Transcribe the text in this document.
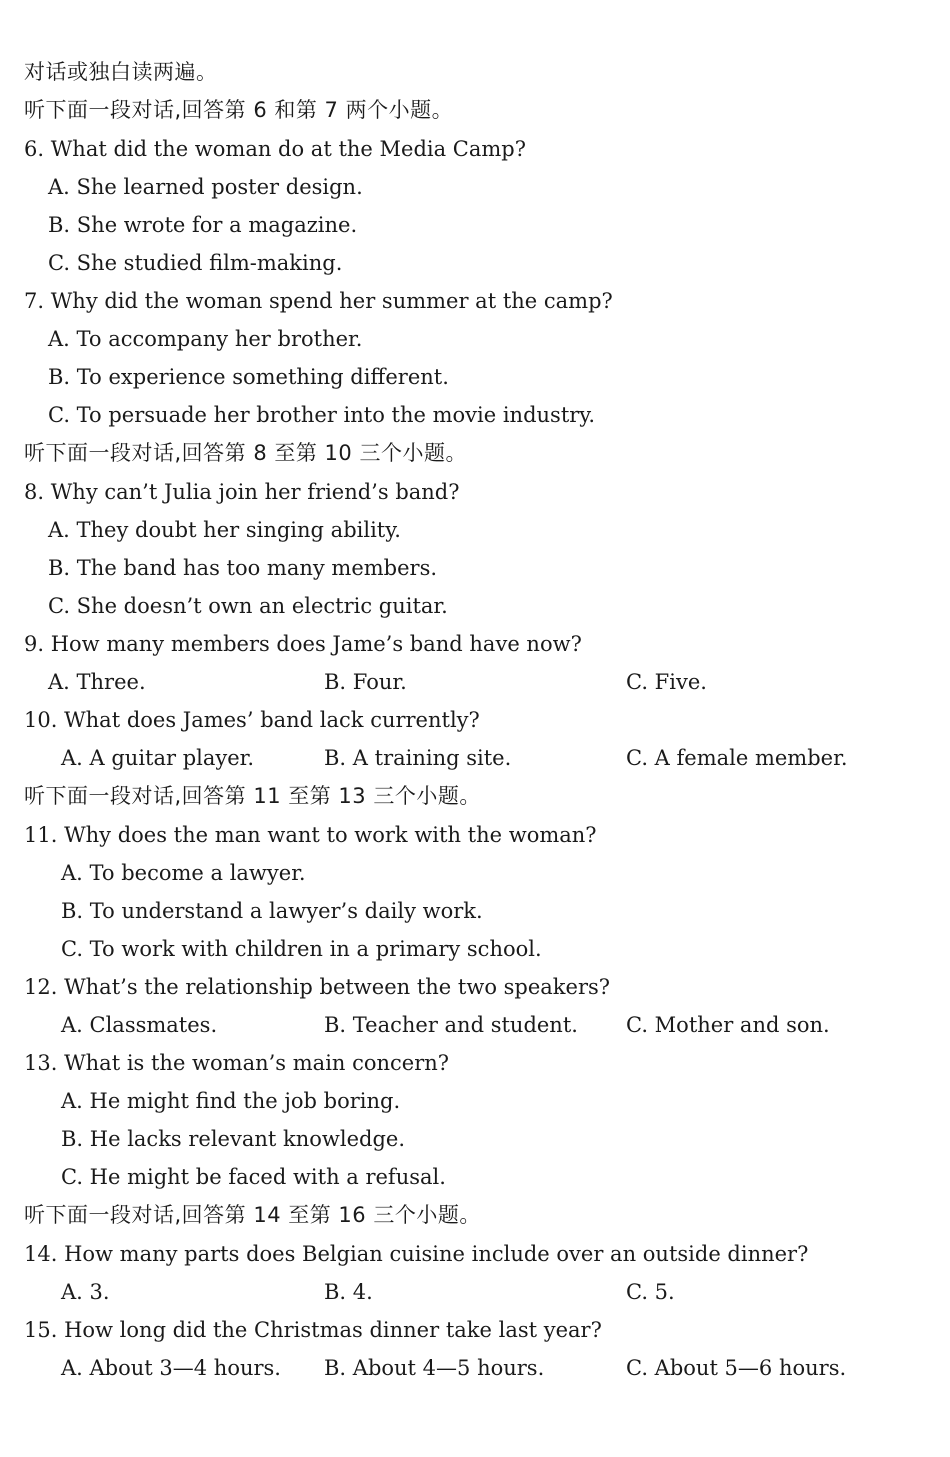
对话或独白读两遍。
听下面一段对话,回答第 6 和第 7 两个小题。
6. What did the woman do at the Media Camp?
A. She learned poster design.
B. She wrote for a magazine.
C. She studied film-making.
7. Why did the woman spend her summer at the camp?
A. To accompany her brother.
B. To experience something different.
C. To persuade her brother into the movie industry.
听下面一段对话,回答第 8 至第 10 三个小题。
8. Why can’t Julia join her friend’s band?
A. They doubt her singing ability.
B. The band has too many members.
C. She doesn’t own an electric guitar.
9. How many members does Jame’s band have now?
A. Three.	B. Four.	C. Five.
10. What does James’ band lack currently?
A. A guitar player.	B. A training site.	C. A female member.
听下面一段对话,回答第 11 至第 13 三个小题。
11. Why does the man want to work with the woman?
A. To become a lawyer.
B. To understand a lawyer’s daily work.
C. To work with children in a primary school.
12. What’s the relationship between the two speakers?
A. Classmates.	B. Teacher and student. C. Mother and son.
13. What is the woman’s main concern?
A. He might find the job boring.
B. He lacks relevant knowledge.
C. He might be faced with a refusal.
听下面一段对话,回答第 14 至第 16 三个小题。
14. How many parts does Belgian cuisine include over an outside dinner?
A. 3.	B. 4.	C. 5.
15. How long did the Christmas dinner take last year?
A. About 3—4 hours. B. About 4—5 hours.	C. About 5—6 hours.
